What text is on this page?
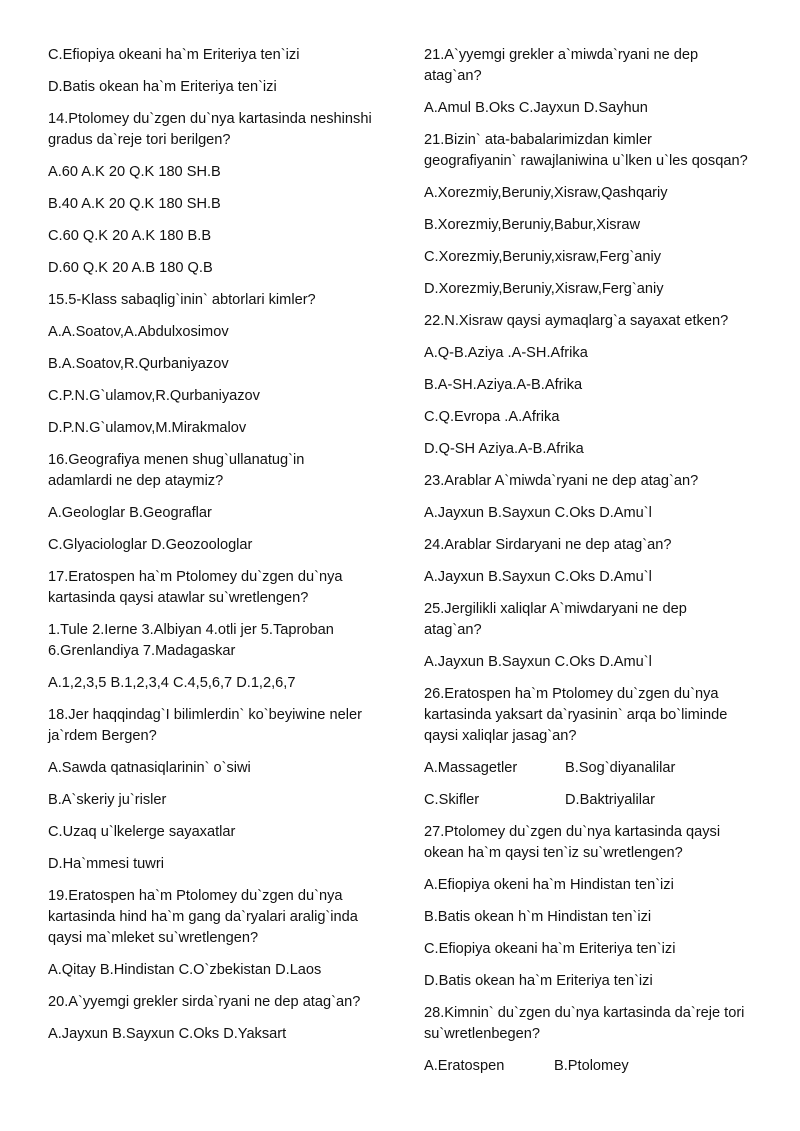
C.Efiopiya okeani ha`m Eriteriya ten`izi
D.Batis okean ha`m Eriteriya ten`izi
14.Ptolomey du`zgen du`nya kartasinda neshinshi
gradus da`reje tori berilgen?
A.60 A.K 20 Q.K 180 SH.B
B.40 A.K 20 Q.K 180 SH.B
C.60 Q.K 20 A.K 180 B.B
D.60 Q.K 20 A.B 180 Q.B
15.5-Klass sabaqlig`inin` abtorlari kimler?
A.A.Soatov,A.Abdulxosimov
B.A.Soatov,R.Qurbaniyazov
C.P.N.G`ulamov,R.Qurbaniyazov
D.P.N.G`ulamov,M.Mirakmalov
16.Geografiya menen shug`ullanatug`in
adamlardi ne dep ataymiz?
A.Geologlar B.Geograflar
C.Glyaciologlar D.Geozoologlar
17.Eratospen ha`m Ptolomey du`zgen du`nya
kartasinda qaysi atawlar su`wretlengen?
1.Tule 2.Ierne 3.Albiyan 4.otli jer 5.Taproban
6.Grenlandiya 7.Madagaskar
A.1,2,3,5 B.1,2,3,4 C.4,5,6,7 D.1,2,6,7
18.Jer haqqindag`I bilimlerdin` ko`beyiwine neler
ja`rdem Bergen?
A.Sawda qatnasiqlarinin` o`siwi
B.A`skeriy ju`risler
C.Uzaq u`lkelerge sayaxatlar
D.Ha`mmesi tuwri
19.Eratospen ha`m Ptolomey du`zgen du`nya
kartasinda hind ha`m gang da`ryalari aralig`inda
qaysi ma`mleket su`wretlengen?
A.Qitay B.Hindistan C.O`zbekistan D.Laos
20.A`yyemgi grekler sirda`ryani ne dep atag`an?
A.Jayxun B.Sayxun C.Oks D.Yaksart
21.A`yyemgi grekler a`miwda`ryani ne dep
atag`an?
A.Amul B.Oks C.Jayxun D.Sayhun
21.Bizin` ata-babalarimizdan kimler
geografiyanin` rawajlaniwina u`lken u`les qosqan?
A.Xorezmiy,Beruniy,Xisraw,Qashqariy
B.Xorezmiy,Beruniy,Babur,Xisraw
C.Xorezmiy,Beruniy,xisraw,Ferg`aniy
D.Xorezmiy,Beruniy,Xisraw,Ferg`aniy
22.N.Xisraw qaysi aymaqlarg`a sayaxat etken?
A.Q-B.Aziya .A-SH.Afrika
B.A-SH.Aziya.A-B.Afrika
C.Q.Evropa .A.Afrika
D.Q-SH Aziya.A-B.Afrika
23.Arablar A`miwda`ryani ne dep atag`an?
A.Jayxun B.Sayxun C.Oks D.Amu`l
24.Arablar Sirdaryani ne dep atag`an?
A.Jayxun B.Sayxun C.Oks D.Amu`l
25.Jergilikli xaliqlar A`miwdaryani ne dep
atag`an?
A.Jayxun B.Sayxun C.Oks D.Amu`l
26.Eratospen ha`m Ptolomey du`zgen du`nya
kartasinda yaksart da`ryasinin` arqa bo`liminde
qaysi xaliqlar jasag`an?
A.Massagetler	B.Sog`diyanalilar
C.Skifler	D.Baktriyalilar
27.Ptolomey du`zgen du`nya kartasinda qaysi
okean ha`m qaysi ten`iz su`wretlengen?
A.Efiopiya okeni ha`m Hindistan ten`izi
B.Batis okean h`m Hindistan ten`izi
C.Efiopiya okeani ha`m Eriteriya ten`izi
D.Batis okean ha`m Eriteriya ten`izi
28.Kimnin` du`zgen du`nya kartasinda da`reje tori
su`wretlenbegen?
A.Eratospen	B.Ptolomey
